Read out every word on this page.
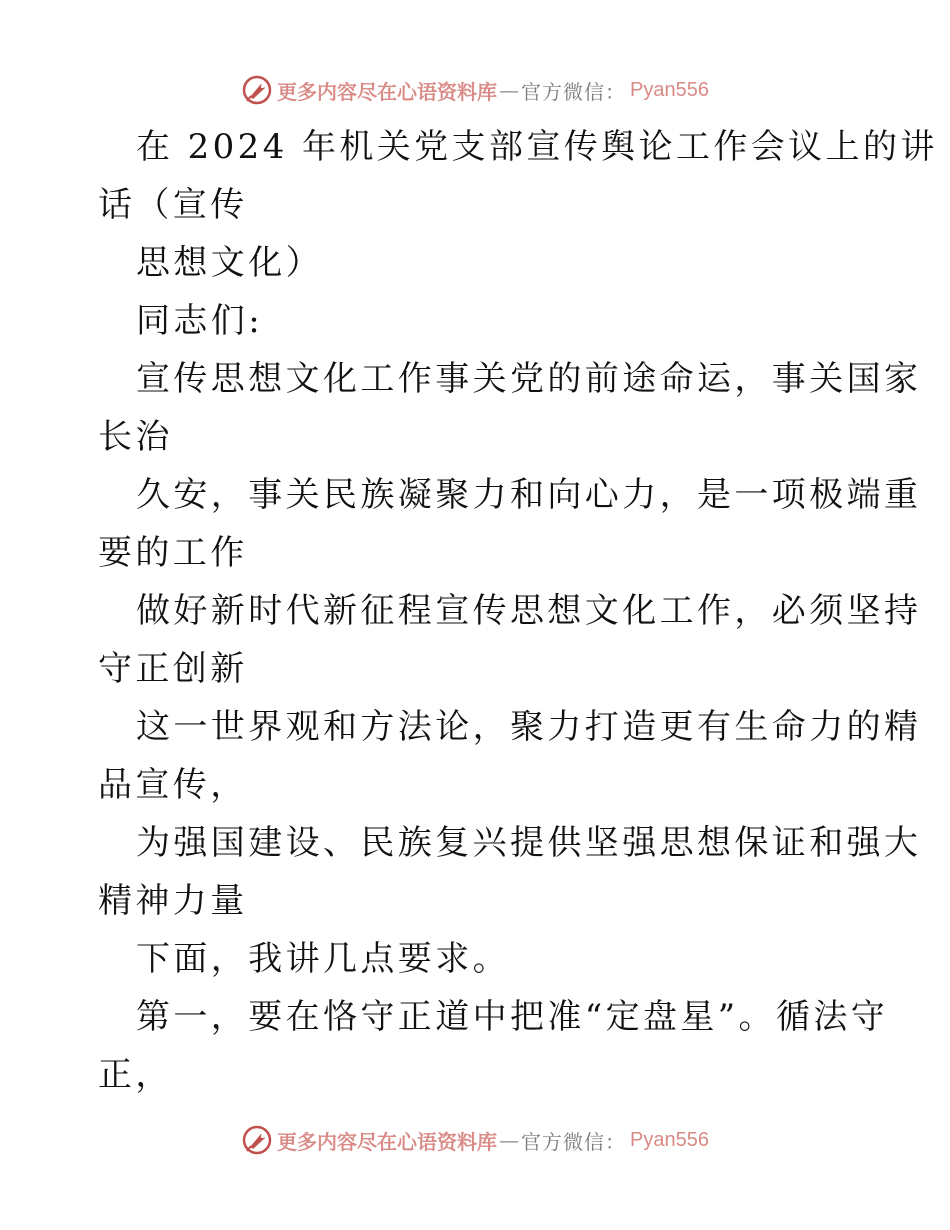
更多内容尽在心语资料库 — 官方微信： Pyan556
在 2024 年机关党支部宣传舆论工作会议上的讲
话（宣传
思想文化）
同志们:
宣传思想文化工作事关党的前途命运，事关国家
长治
久安，事关民族凝聚力和向心力，是一项极端重
要的工作
做好新时代新征程宣传思想文化工作，必须坚持
守正创新
这一世界观和方法论，聚力打造更有生命力的精
品宣传，
为强国建设、民族复兴提供坚强思想保证和强大
精神力量
下面，我讲几点要求。
第一，要在恪守正道中把准“定盘星”。循法守
正，
更多内容尽在心语资料库 — 官方微信： Pyan556
